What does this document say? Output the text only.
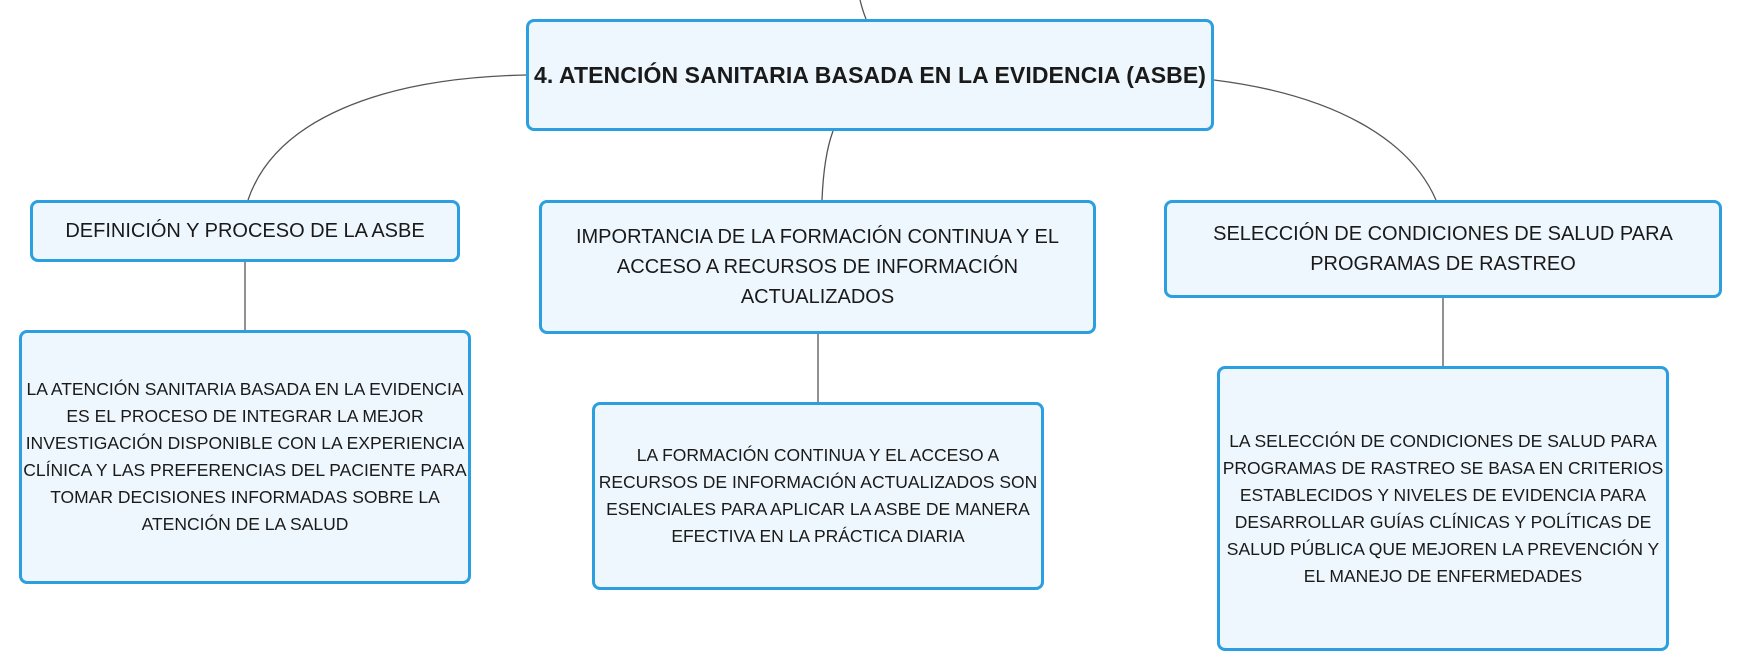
4. ATENCIÓN SANITARIA BASADA EN LA EVIDENCIA (ASBE)
DEFINICIÓN Y PROCESO DE LA ASBE	IMPORTANCIA DE LA FORMACIÓN CONTINUA Y EL
ACCESO A RECURSOS DE INFORMACIÓN ACTUALIZADOS
SELECCIÓN DE CONDICIONES DE SALUD PARA
PROGRAMAS DE RASTREO
LA ATENCIÓN SANITARIA BASADA EN LA EVIDENCIA
ES EL PROCESO DE INTEGRAR LA MEJOR
INVESTIGACIÓN DISPONIBLE CON LA EXPERIENCIA
CLÍNICA Y LAS PREFERENCIAS DEL PACIENTE PARA
TOMAR DECISIONES INFORMADAS SOBRE LA
ATENCIÓN DE LA SALUD
LA FORMACIÓN CONTINUA Y EL ACCESO A
RECURSOS DE INFORMACIÓN ACTUALIZADOS SON
ESENCIALES PARA APLICAR LA ASBE DE MANERA
EFECTIVA EN LA PRÁCTICA DIARIA
LA SELECCIÓN DE CONDICIONES DE SALUD PARA
PROGRAMAS DE RASTREO SE BASA EN CRITERIOS
ESTABLECIDOS Y NIVELES DE EVIDENCIA PARA
DESARROLLAR GUÍAS CLÍNICAS Y POLÍTICAS DE
SALUD PÚBLICA QUE MEJOREN LA PREVENCIÓN Y
EL MANEJO DE ENFERMEDADES
